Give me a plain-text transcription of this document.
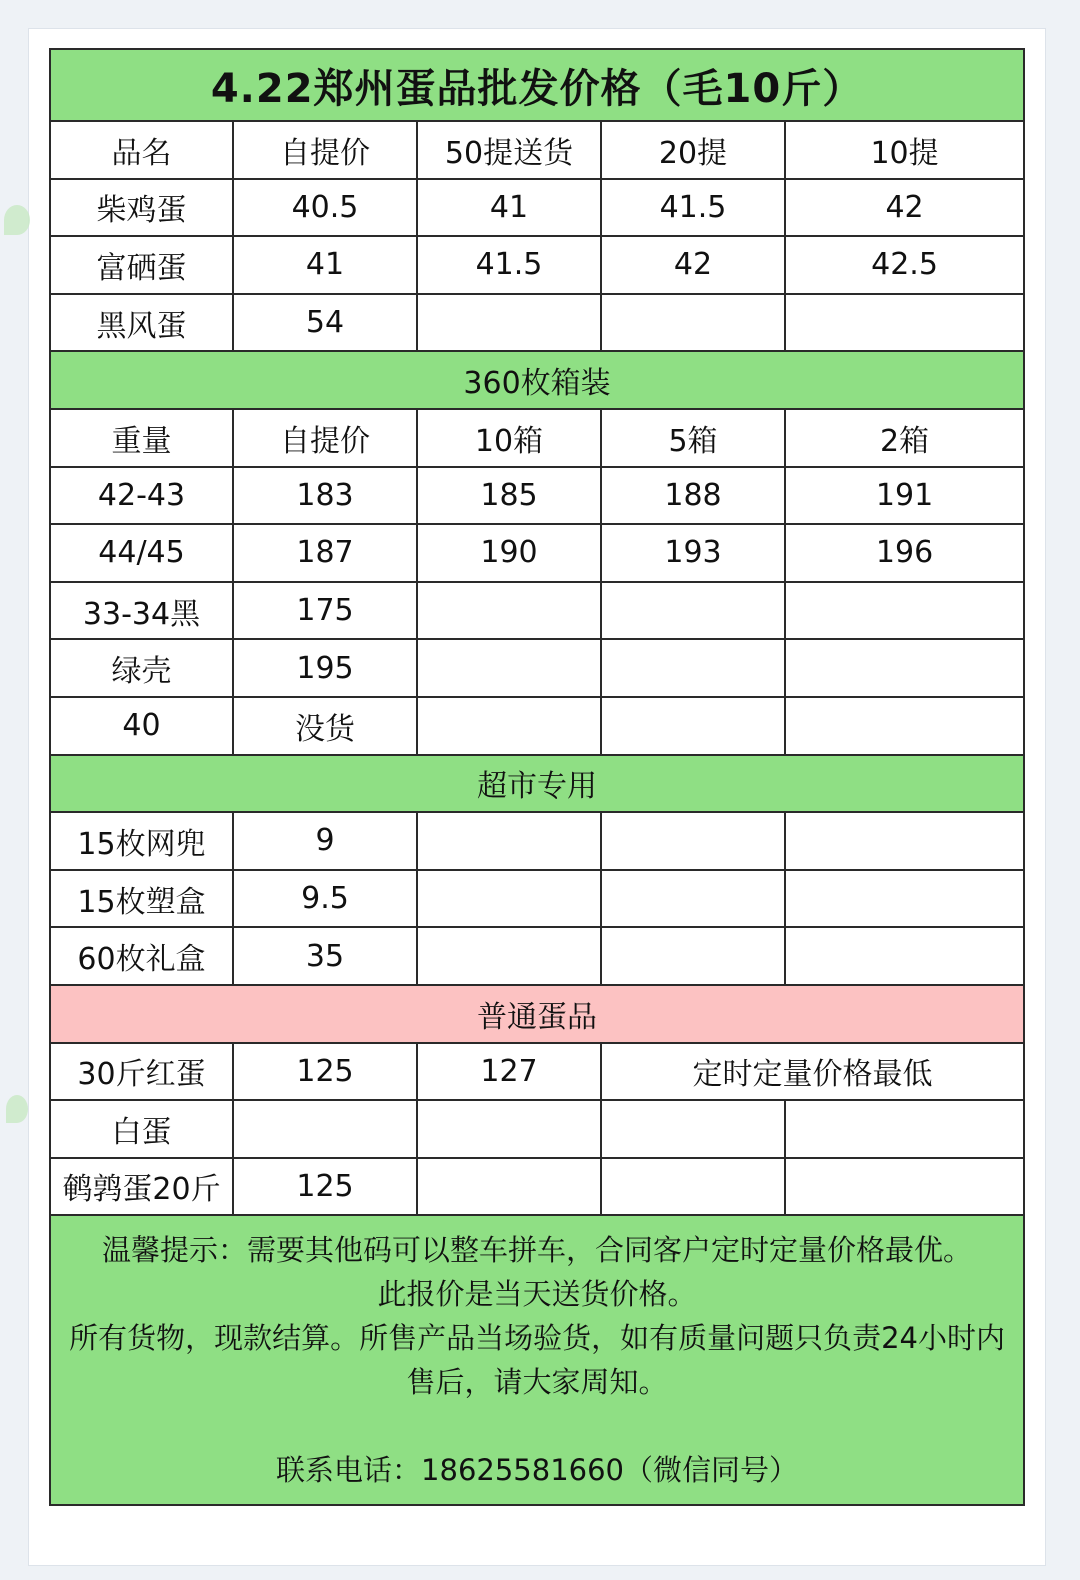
4.22郑州蛋品批发价格（毛10斤）				
品名	自提价	50提送货	20提	10提
柴鸡蛋	40.5	41	41.5	42
富硒蛋	41	41.5	42	42.5
黑风蛋	54			
360枚箱装				
重量	自提价	10箱	5箱	2箱
42-43	183	185	188	191
44/45	187	190	193	196
33-34黑	175			
绿壳	195			
40	没货			
超市专用				
15枚网兜	9			
15枚塑盒	9.5			
60枚礼盒	35			
普通蛋品				
30斤红蛋	125	127	定时定量价格最低	
白蛋				
鹌鹑蛋20斤	125			

温馨提示：需要其他码可以整车拼车，合同客户定时定量价格最优。
此报价是当天送货价格。
所有货物，现款结算。所售产品当场验货，如有质量问题只负责24小时内售后，请大家周知。
联系电话：18625581660（微信同号）				
